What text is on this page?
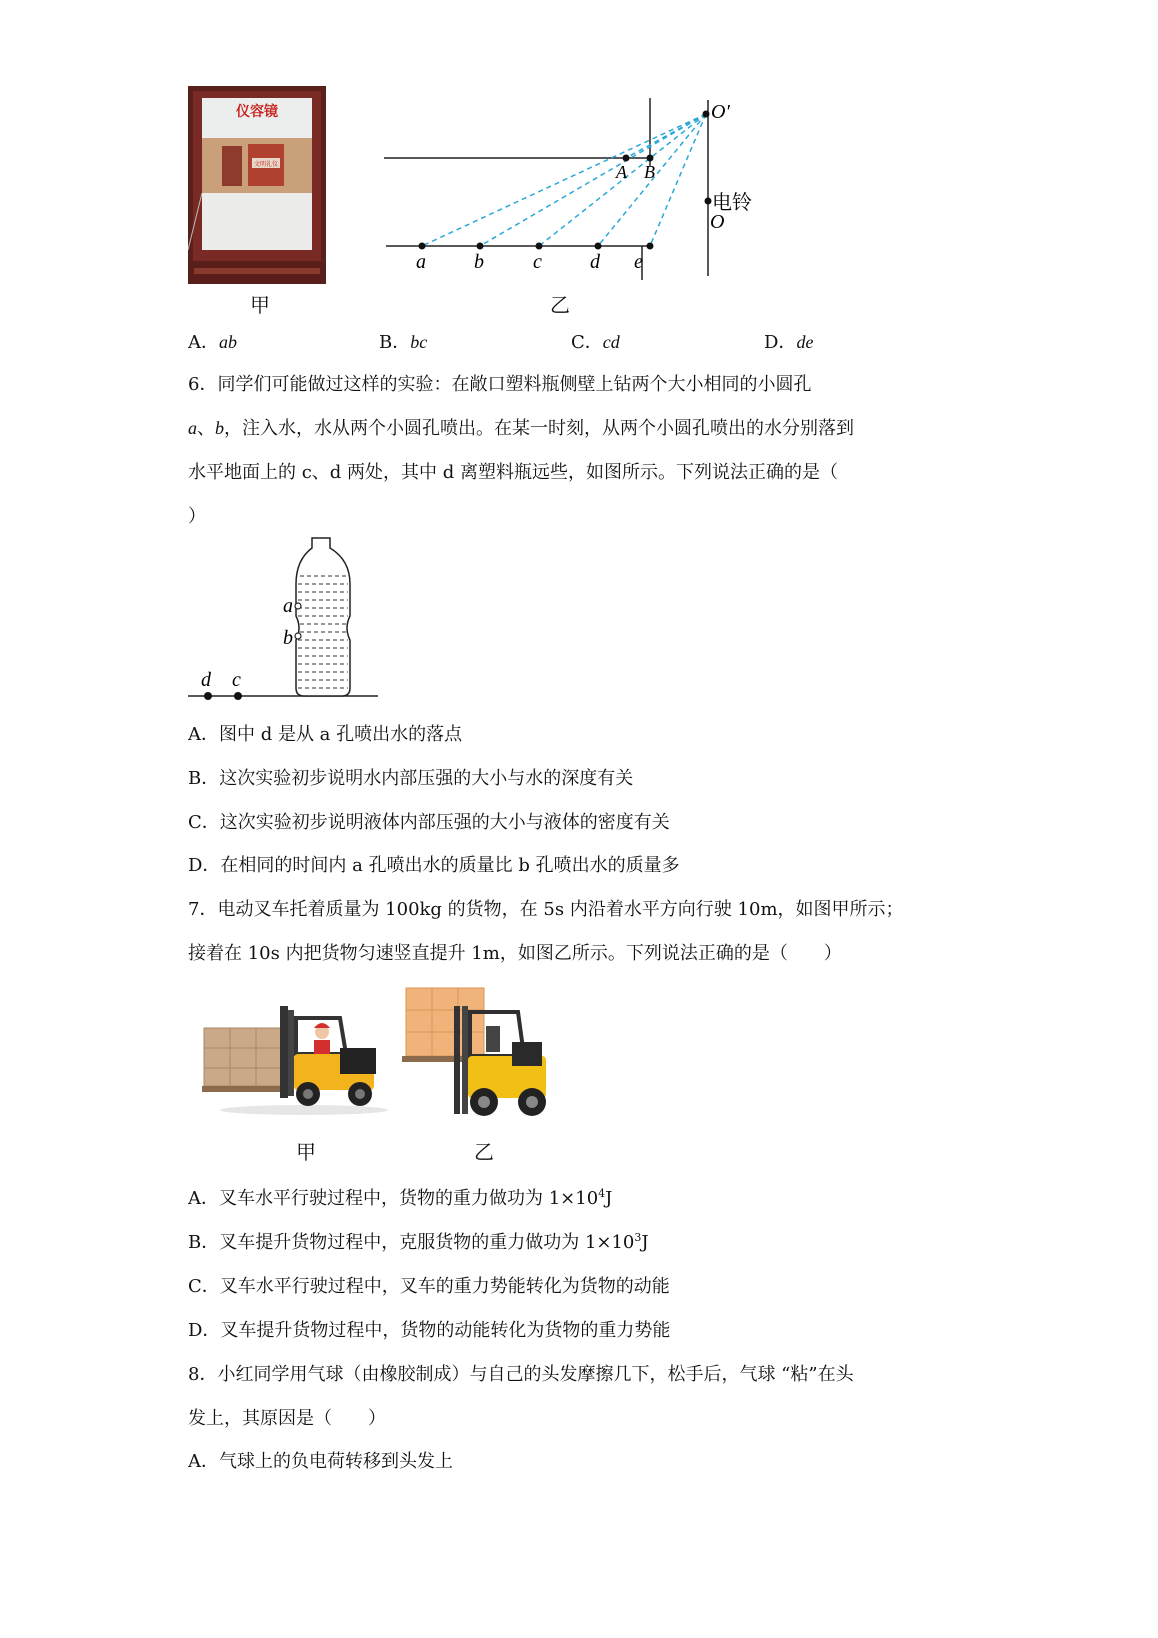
仪容镜
文明礼仪
甲
O′
A B
电铃
O
a b c d e
乙
A．ab	B．bc	C．cd	D．de
6．同学们可能做过这样的实验：在敞口塑料瓶侧壁上钻两个大小相同的小圆孔
a、b，注入水，水从两个小圆孔喷出。在某一时刻，从两个小圆孔喷出的水分别落到
水平地面上的 c、d 两处，其中 d 离塑料瓶远些，如图所示。下列说法正确的是（
）
a
b
d c
A．图中 d 是从 a 孔喷出水的落点
B．这次实验初步说明水内部压强的大小与水的深度有关
C．这次实验初步说明液体内部压强的大小与液体的密度有关
D．在相同的时间内 a 孔喷出水的质量比 b 孔喷出水的质量多
7．电动叉车托着质量为 100kg 的货物，在 5s 内沿着水平方向行驶 10m，如图甲所示；
接着在 10s 内把货物匀速竖直提升 1m，如图乙所示。下列说法正确的是（　　）
甲	乙
A．叉车水平行驶过程中，货物的重力做功为 $1\times 10^4J$
B．叉车提升货物过程中，克服货物的重力做功为 $1\times 10^3J$
C．叉车水平行驶过程中，叉车的重力势能转化为货物的动能
D．叉车提升货物过程中，货物的动能转化为货物的重力势能
8．小红同学用气球（由橡胶制成）与自己的头发摩擦几下，松手后，气球 “粘”在头
发上，其原因是（　　）
A．气球上的负电荷转移到头发上
